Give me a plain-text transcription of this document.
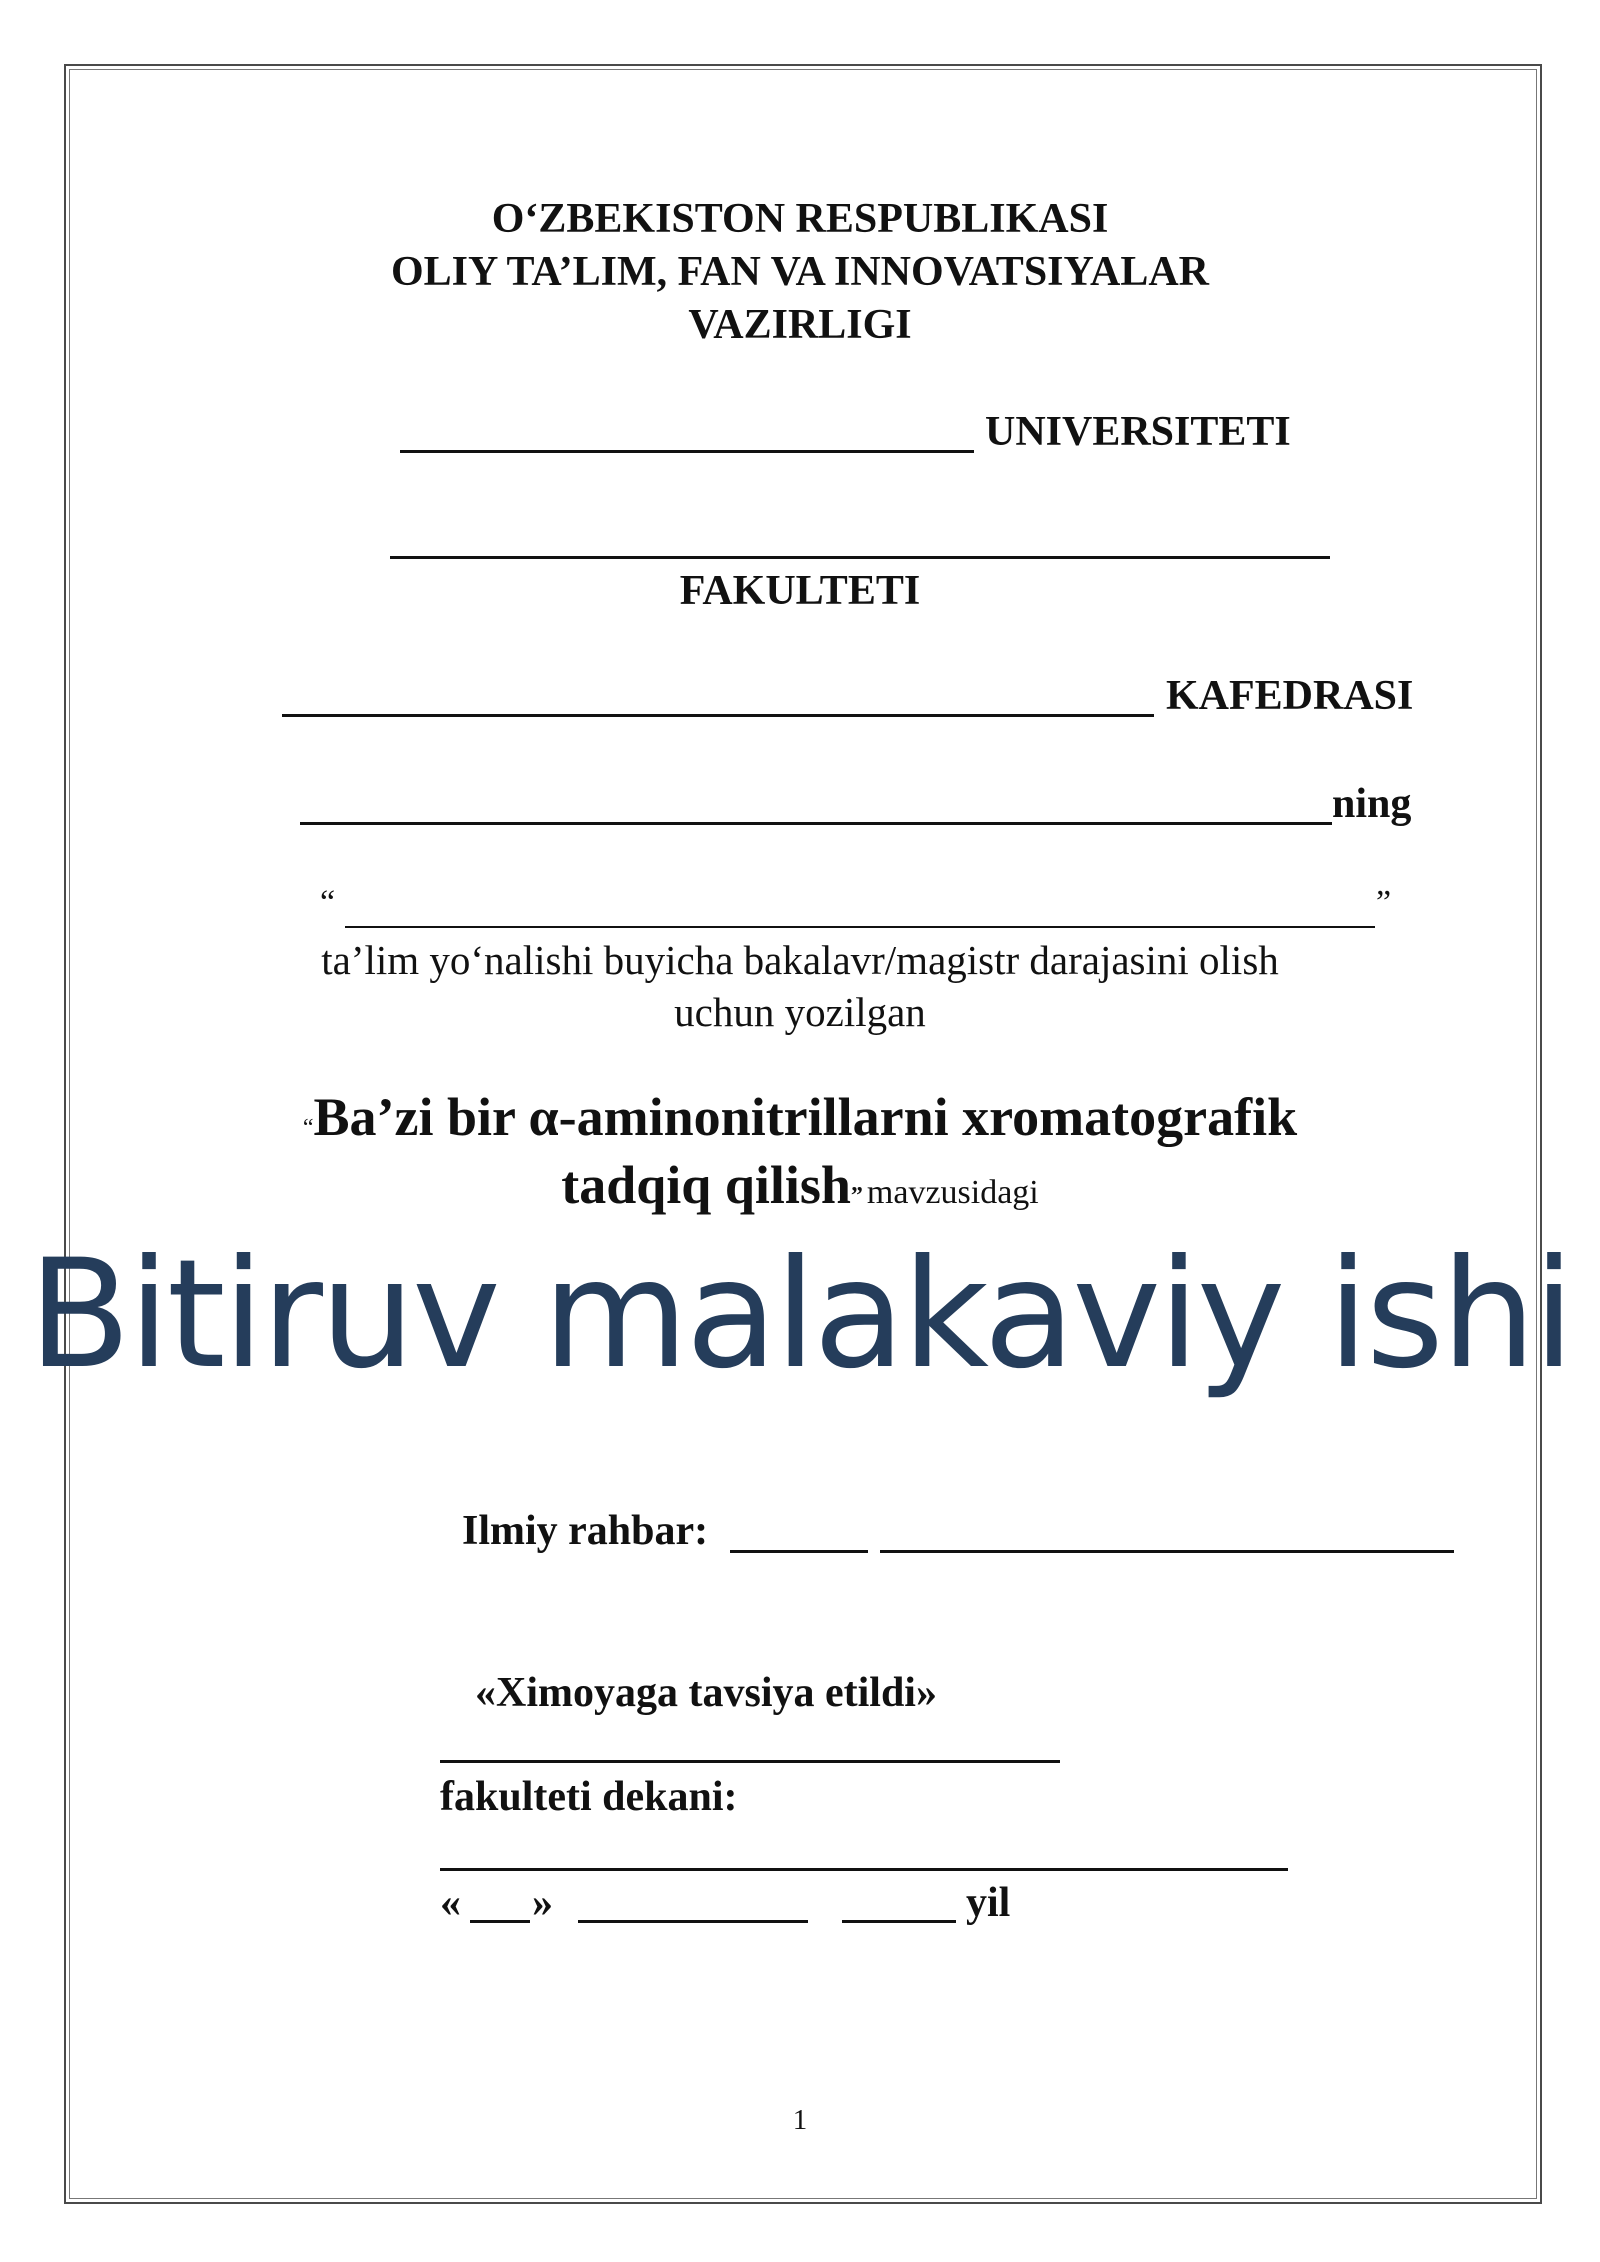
O‘ZBEKISTON RESPUBLIKASI
OLIY TA’LIM, FAN VA INNOVATSIYALAR
VAZIRLIGI
UNIVERSITETI
FAKULTETI
KAFEDRASI
ning
“	”
ta’lim yo‘nalishi buyicha bakalavr/magistr darajasini olish
uchun yozilgan
“Ba’zi bir α-aminonitrillarni xromatografik
tadqiq qilish” mavzusidagi
Bitiruv malakaviy ishi
Ilmiy rahbar:
«Ximoyaga tavsiya etildi»
fakulteti dekani:
« »	yil
1
